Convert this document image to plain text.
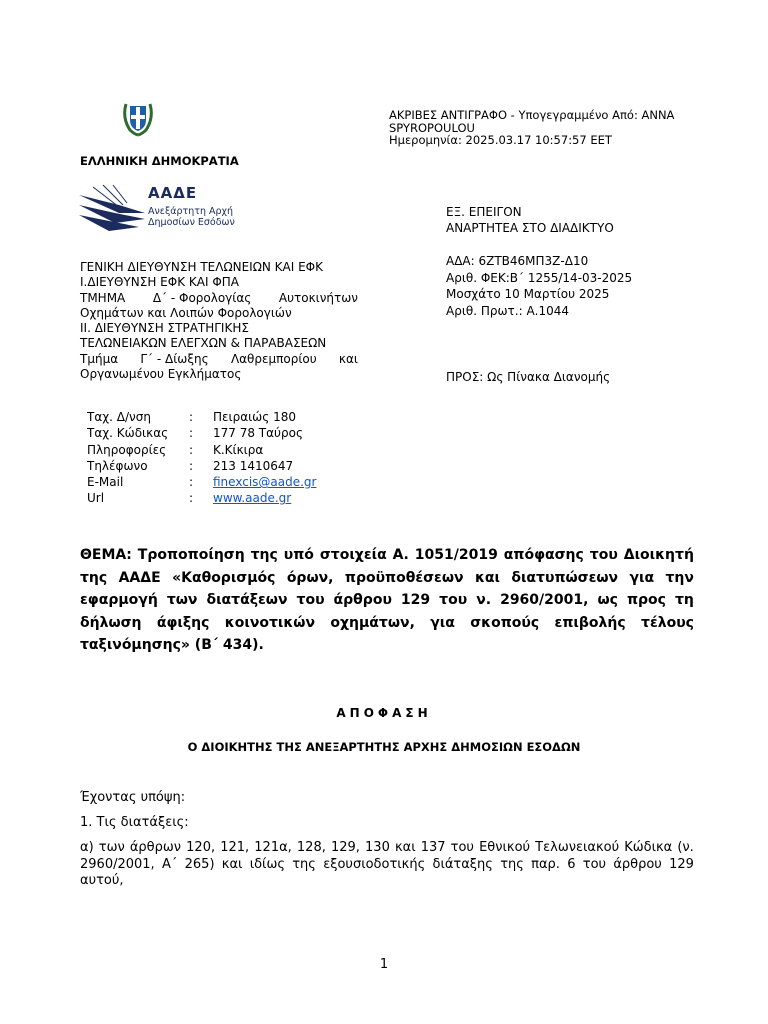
ΑΚΡΙΒΕΣ ΑΝΤΙΓΡΑΦΟ - Υπογεγραμμένο Από: ΑΝΝΑ
SPYROPOULOU
Ημερομηνία: 2025.03.17 10:57:57 EET
ΕΛΛΗΝΙΚΗ ΔΗΜΟΚΡΑΤΙΑ
ΑΑΔΕ
Ανεξάρτητη Αρχή
Δημοσίων Εσόδων
ΓΕΝΙΚΗ ΔΙΕΥΘΥΝΣΗ ΤΕΛΩΝΕΙΩΝ ΚΑΙ ΕΦΚ
Ι.ΔΙΕΥΘΥΝΣΗ ΕΦΚ ΚΑΙ ΦΠΑ
ΤΜΗΜΑ Δ΄ - Φορολογίας Αυτοκινήτων
Οχημάτων και Λοιπών Φορολογιών
ΙΙ. ΔΙΕΥΘΥΝΣΗ ΣΤΡΑΤΗΓΙΚΗΣ
ΤΕΛΩΝΕΙΑΚΩΝ ΕΛΕΓΧΩΝ & ΠΑΡΑΒΑΣΕΩΝ
Τμήμα Γ΄ - Δίωξης Λαθρεμπορίου και
Οργανωμένου Εγκλήματος
ΕΞ. ΕΠΕΙΓΟΝ
ΑΝΑΡΤΗΤΕΑ ΣΤΟ ΔΙΑΔΙΚΤΥΟ
ΑΔΑ: 6ΖΤΒ46ΜΠ3Ζ-Δ10
Αριθ. ΦΕΚ:Β΄ 1255/14-03-2025
Μοσχάτο 10 Μαρτίου 2025
Αριθ. Πρωτ.: Α.1044
ΠΡΟΣ: Ως Πίνακα Διανομής
Ταχ. Δ/νση	:	Πειραιώς 180
Ταχ. Κώδικας	:	177 78 Ταύρος
Πληροφορίες	:	Κ.Κίκιρα
Τηλέφωνο	:	213 1410647
E-Mail	:	finexcis@aade.gr
Url	:	www.aade.gr
ΘΕΜΑ: Τροποποίηση της υπό στοιχεία Α. 1051/2019 απόφασης του Διοικητή
της ΑΑΔΕ «Καθορισμός όρων, προϋποθέσεων και διατυπώσεων για την
εφαρμογή των διατάξεων του άρθρου 129 του ν. 2960/2001, ως προς τη
δήλωση άφιξης κοινοτικών οχημάτων, για σκοπούς επιβολής τέλους
ταξινόμησης» (Β΄ 434).
ΑΠΟΦΑΣΗ
Ο ΔΙΟΙΚΗΤΗΣ ΤΗΣ ΑΝΕΞΑΡΤΗΤΗΣ ΑΡΧΗΣ ΔΗΜΟΣΙΩΝ ΕΣΟΔΩΝ
Έχοντας υπόψη:
1. Τις διατάξεις:
α) των άρθρων 120, 121, 121α, 128, 129, 130 και 137 του Εθνικού Τελωνειακού Κώδικα (ν.
2960/2001, Α΄ 265) και ιδίως της εξουσιοδοτικής διάταξης της παρ. 6 του άρθρου 129
αυτού,
1
